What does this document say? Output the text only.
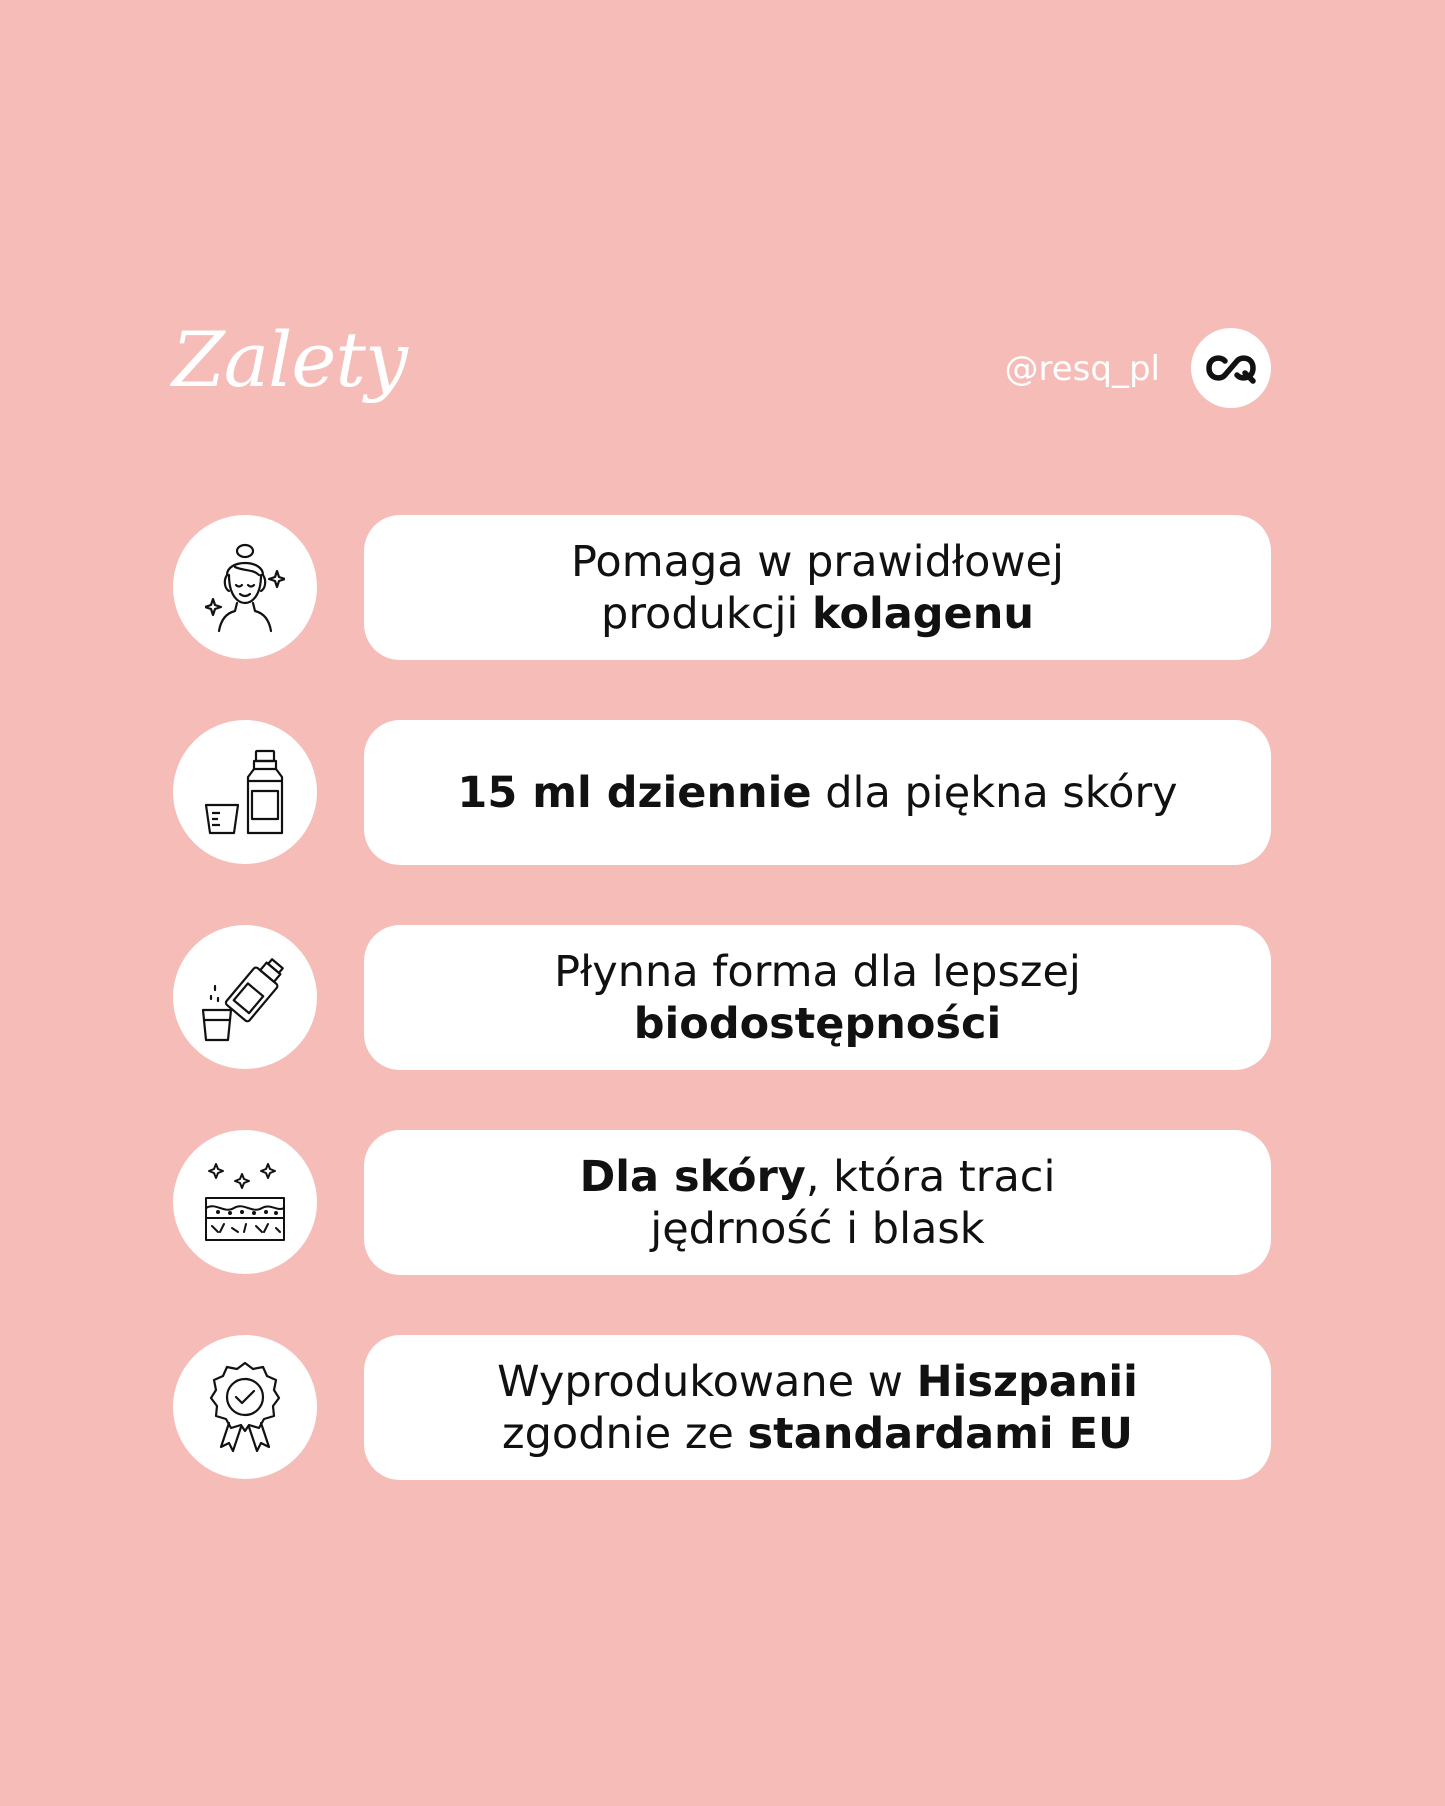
Zalety	@resq_pl
Pomaga w prawidłowej
produkcji kolagenu
15 ml dziennie dla piękna skóry
Płynna forma dla lepszej
biodostępności
Dla skóry, która traci
jędrność i blask
Wyprodukowane w Hiszpanii
zgodnie ze standardami EU
